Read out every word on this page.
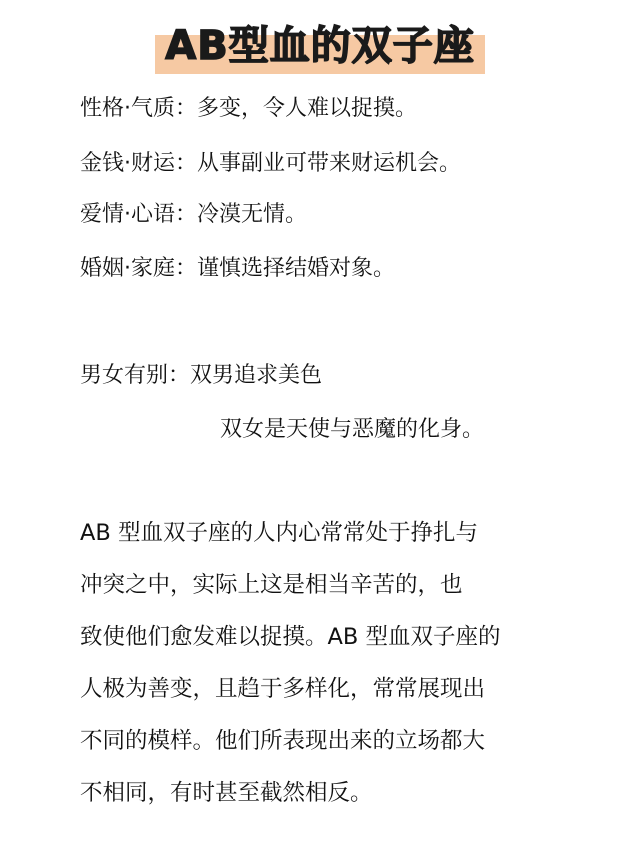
AB型血的双子座
性格·气质：多变，令人难以捉摸。
金钱·财运：从事副业可带来财运机会。
爱情·心语：冷漠无情。
婚姻·家庭：谨慎选择结婚对象。
男女有别：双男追求美色
双女是天使与恶魔的化身。
AB 型血双子座的人内心常常处于挣扎与
冲突之中，实际上这是相当辛苦的，也
致使他们愈发难以捉摸。AB 型血双子座的
人极为善变，且趋于多样化，常常展现出
不同的模样。他们所表现出来的立场都大
不相同，有时甚至截然相反。
